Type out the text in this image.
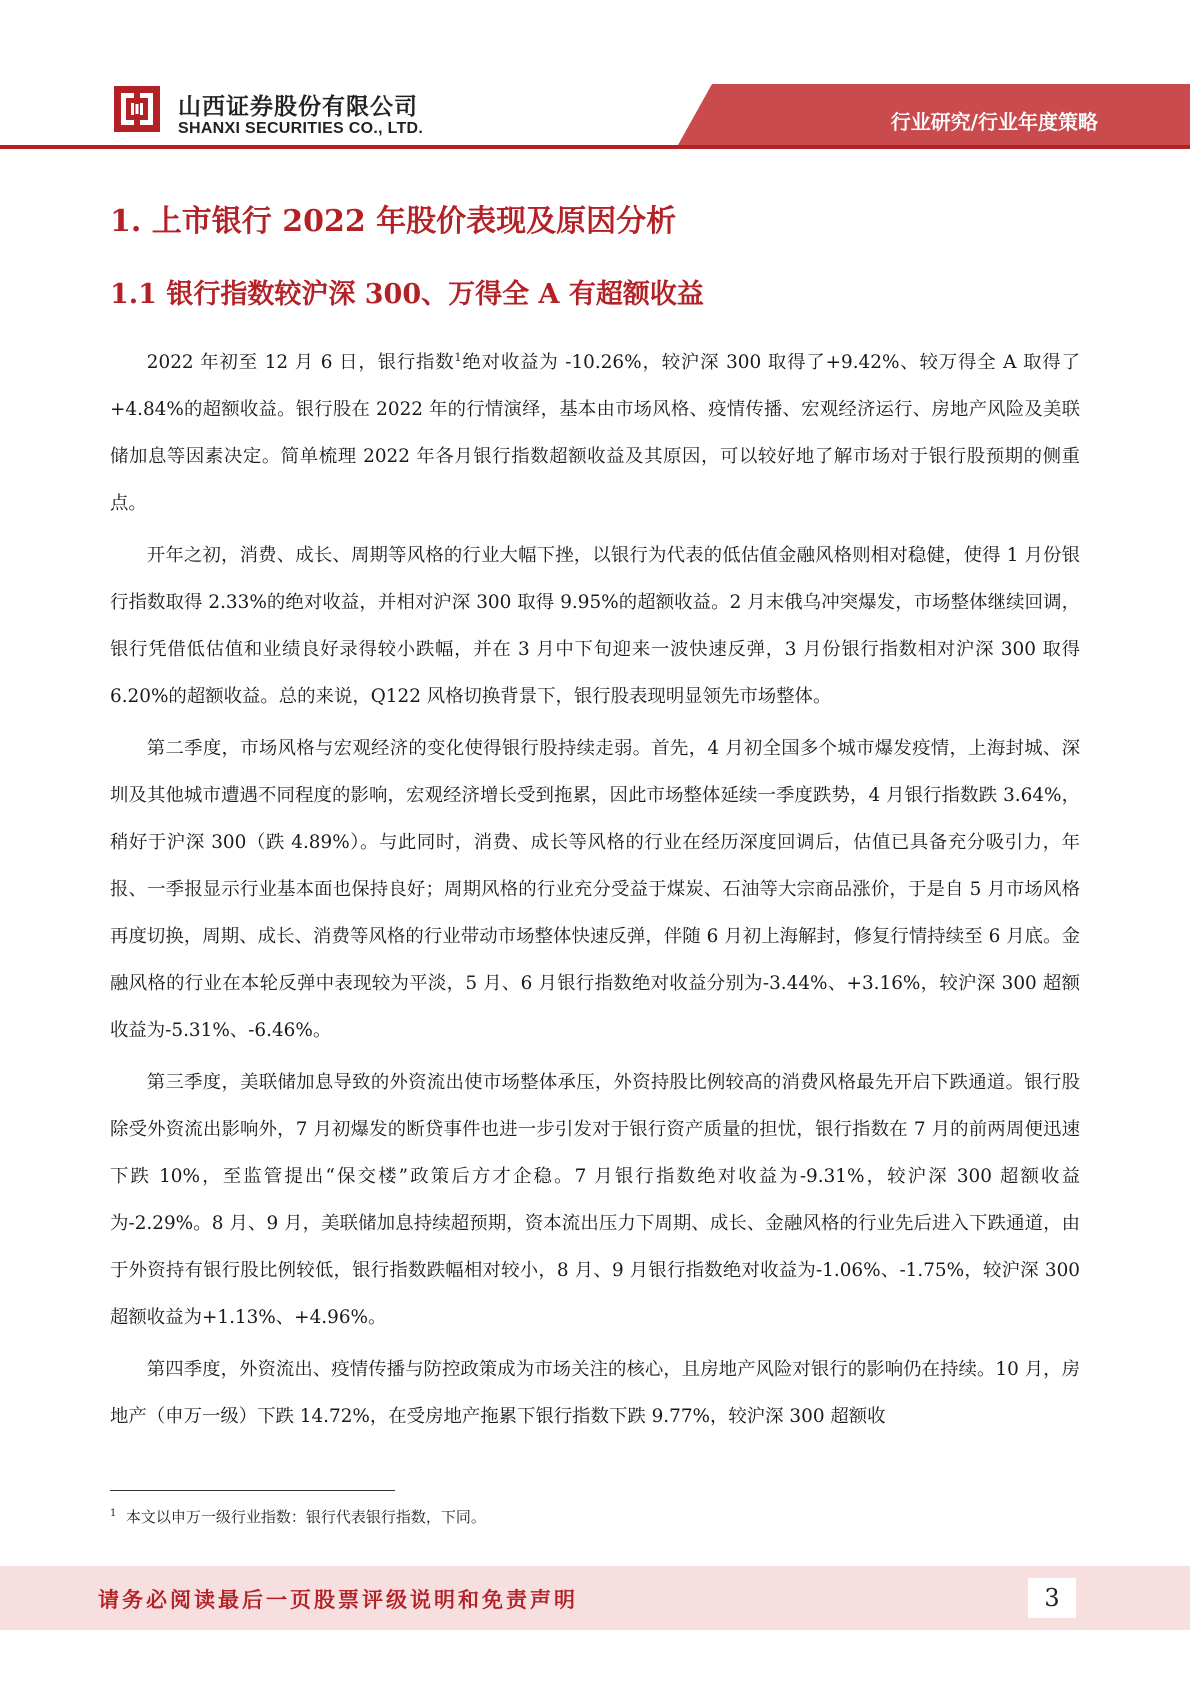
山西证券股份有限公司
SHANXI SECURITIES CO., LTD.	行业研究/行业年度策略
1. 上市银行 2022 年股价表现及原因分析
1.1 银行指数较沪深 300、万得全 A 有超额收益

2022 年初至 12 月 6 日，银行指数$^1$绝对收益为 -10.26%，较沪深 300 取得了+9.42%、较万得全 A 取得了+4.84%的超额收益。银行股在 2022 年的行情演绎，基本由市场风格、疫情传播、宏观经济运行、房地产风险及美联储加息等因素决定。简单梳理 2022 年各月银行指数超额收益及其原因，可以较好地了解市场对于银行股预期的侧重点。

开年之初，消费、成长、周期等风格的行业大幅下挫，以银行为代表的低估值金融风格则相对稳健，使得 1 月份银行指数取得 2.33%的绝对收益，并相对沪深 300 取得 9.95%的超额收益。2 月末俄乌冲突爆发，市场整体继续回调，银行凭借低估值和业绩良好录得较小跌幅，并在 3 月中下旬迎来一波快速反弹，3 月份银行指数相对沪深 300 取得 6.20%的超额收益。总的来说，Q122 风格切换背景下，银行股表现明显领先市场整体。

第二季度，市场风格与宏观经济的变化使得银行股持续走弱。首先，4 月初全国多个城市爆发疫情，上海封城、深圳及其他城市遭遇不同程度的影响，宏观经济增长受到拖累，因此市场整体延续一季度跌势，4 月银行指数跌 3.64%，稍好于沪深 300（跌 4.89%）。与此同时，消费、成长等风格的行业在经历深度回调后，估值已具备充分吸引力，年报、一季报显示行业基本面也保持良好；周期风格的行业充分受益于煤炭、石油等大宗商品涨价，于是自 5 月市场风格再度切换，周期、成长、消费等风格的行业带动市场整体快速反弹，伴随 6 月初上海解封，修复行情持续至 6 月底。金融风格的行业在本轮反弹中表现较为平淡，5 月、6 月银行指数绝对收益分别为-3.44%、+3.16%，较沪深 300 超额收益为-5.31%、-6.46%。

第三季度，美联储加息导致的外资流出使市场整体承压，外资持股比例较高的消费风格最先开启下跌通道。银行股除受外资流出影响外，7 月初爆发的断贷事件也进一步引发对于银行资产质量的担忧，银行指数在 7 月的前两周便迅速下跌 10%，至监管提出“保交楼”政策后方才企稳。7 月银行指数绝对收益为-9.31%，较沪深 300 超额收益为-2.29%。8 月、9 月，美联储加息持续超预期，资本流出压力下周期、成长、金融风格的行业先后进入下跌通道，由于外资持有银行股比例较低，银行指数跌幅相对较小，8 月、9 月银行指数绝对收益为-1.06%、-1.75%，较沪深 300 超额收益为+1.13%、+4.96%。

第四季度，外资流出、疫情传播与防控政策成为市场关注的核心，且房地产风险对银行的影响仍在持续。10 月，房地产（申万一级）下跌 14.72%，在受房地产拖累下银行指数下跌 9.77%，较沪深 300 超额收

$^1$ 本文以申万一级行业指数：银行代表银行指数，下同。
请务必阅读最后一页股票评级说明和免责声明	3
